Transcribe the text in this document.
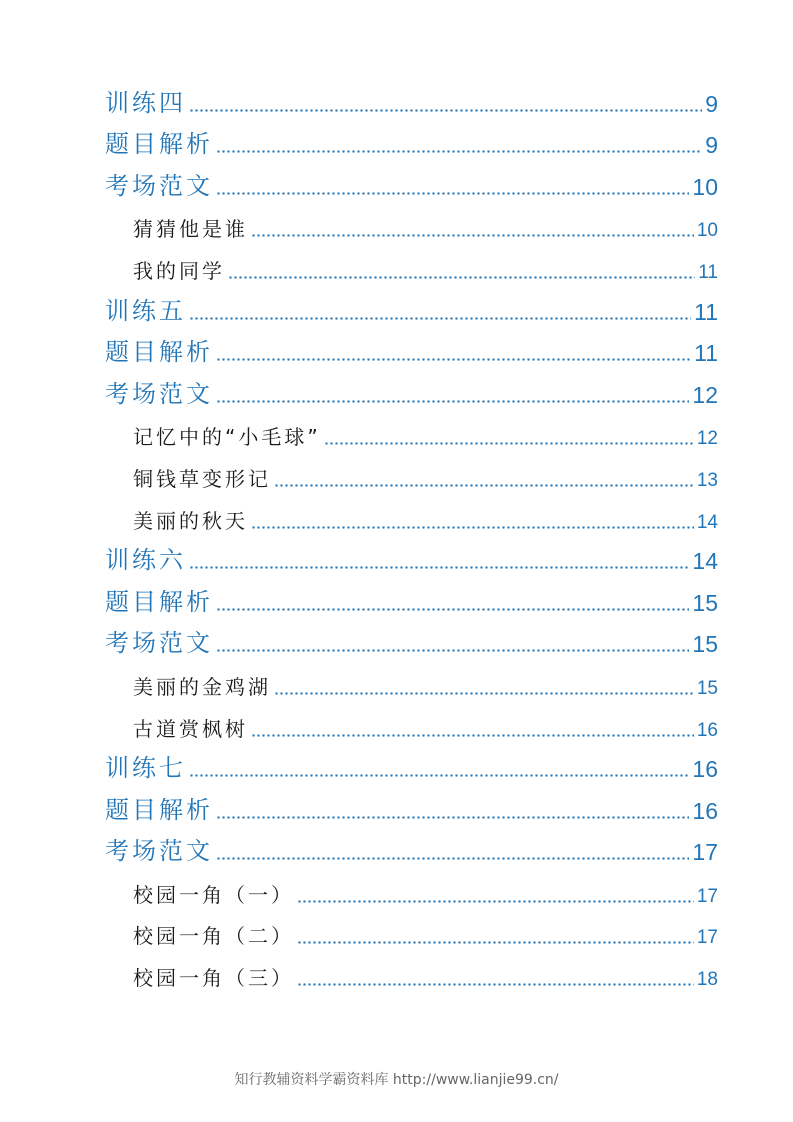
训练四	9
题目解析	9
考场范文	10
猜猜他是谁	10
我的同学	11
训练五	11
题目解析	11
考场范文	12
记忆中的“小毛球”	12
铜钱草变形记	13
美丽的秋天	14
训练六	14
题目解析	15
考场范文	15
美丽的金鸡湖	15
古道赏枫树	16
训练七	16
题目解析	16
考场范文	17
校园一角（一）	17
校园一角（二）	17
校园一角（三）	18
知行教辅资料学霸资料库 http://www.lianjie99.cn/
